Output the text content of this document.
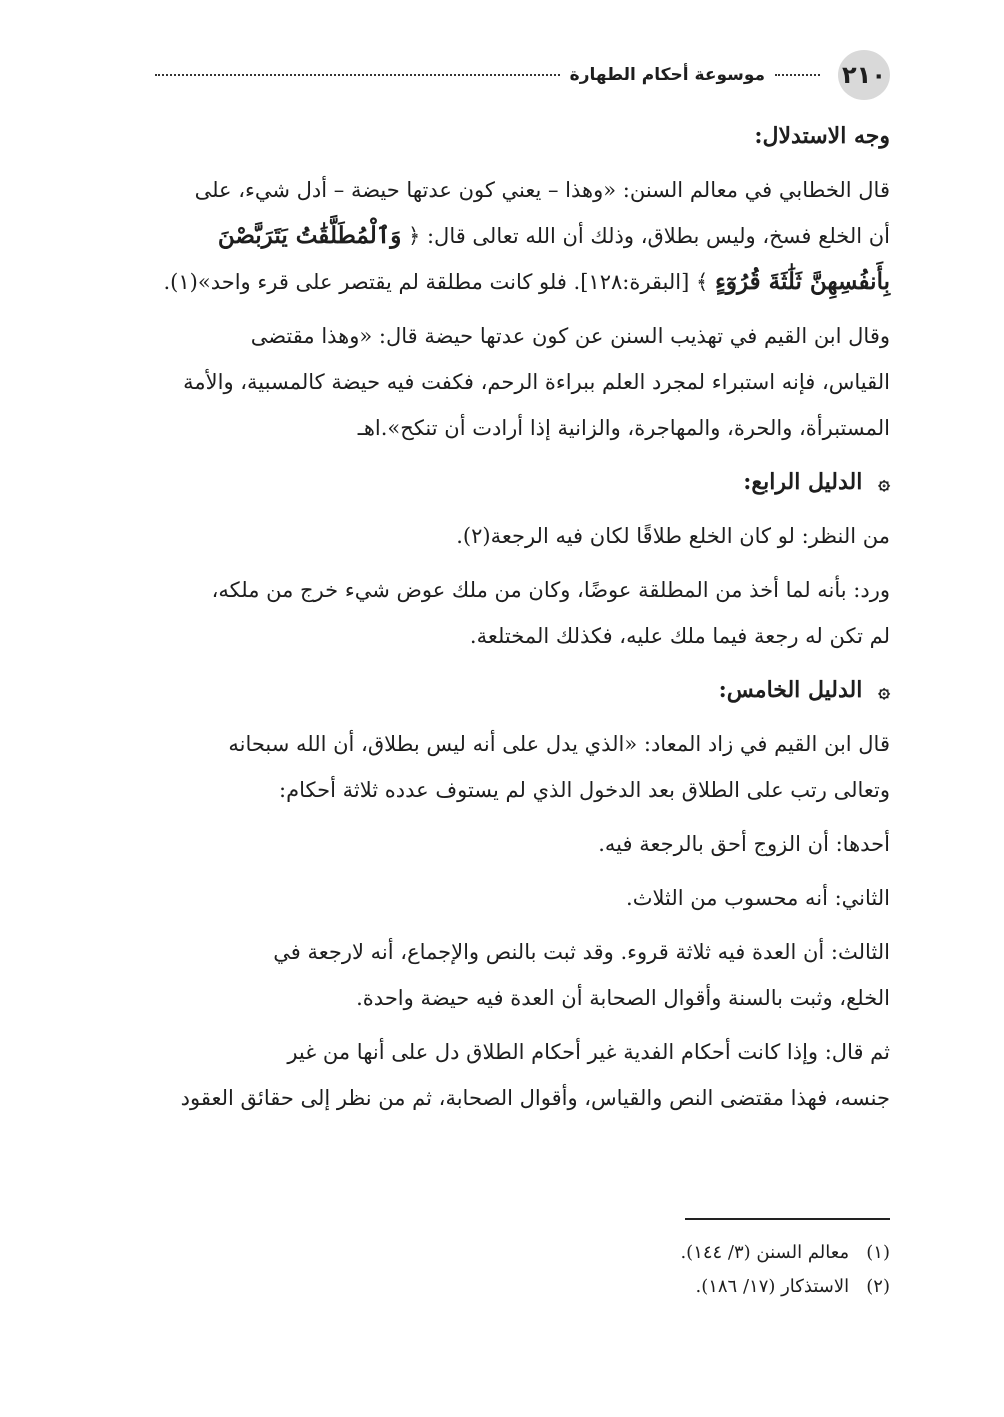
٢١٠
موسوعة أحكام الطهارة

وجه الاستدلال:

قال الخطابي في معالم السنن: «وهذا – يعني كون عدتها حيضة – أدل شيء، على
أن الخلع فسخ، وليس بطلاق، وذلك أن الله تعالى قال: ﴿ وَٱلْمُطَلَّقَٰتُ يَتَرَبَّصْنَ
بِأَنفُسِهِنَّ ثَلَٰثَةَ قُرُوٓءٍ ﴾ [البقرة:١٢٨]. فلو كانت مطلقة لم يقتصر على قرء واحد»(١).

وقال ابن القيم في تهذيب السنن عن كون عدتها حيضة قال: «وهذا مقتضى
القياس، فإنه استبراء لمجرد العلم ببراءة الرحم، فكفت فيه حيضة كالمسبية، والأمة
المستبرأة، والحرة، والمهاجرة، والزانية إذا أرادت أن تنكح».اهـ

۞ الدليل الرابع:

من النظر: لو كان الخلع طلاقًا لكان فيه الرجعة(٢).

ورد: بأنه لما أخذ من المطلقة عوضًا، وكان من ملك عوض شيء خرج من ملكه،
لم تكن له رجعة فيما ملك عليه، فكذلك المختلعة.

۞ الدليل الخامس:

قال ابن القيم في زاد المعاد: «الذي يدل على أنه ليس بطلاق، أن الله سبحانه
وتعالى رتب على الطلاق بعد الدخول الذي لم يستوف عدده ثلاثة أحكام:

أحدها: أن الزوج أحق بالرجعة فيه.

الثاني: أنه محسوب من الثلاث.

الثالث: أن العدة فيه ثلاثة قروء. وقد ثبت بالنص والإجماع، أنه لارجعة في
الخلع، وثبت بالسنة وأقوال الصحابة أن العدة فيه حيضة واحدة.

ثم قال: وإذا كانت أحكام الفدية غير أحكام الطلاق دل على أنها من غير
جنسه، فهذا مقتضى النص والقياس، وأقوال الصحابة، ثم من نظر إلى حقائق العقود

(١)   معالم السنن (٣/ ١٤٤).
(٢)   الاستذكار (١٧/ ١٨٦).
